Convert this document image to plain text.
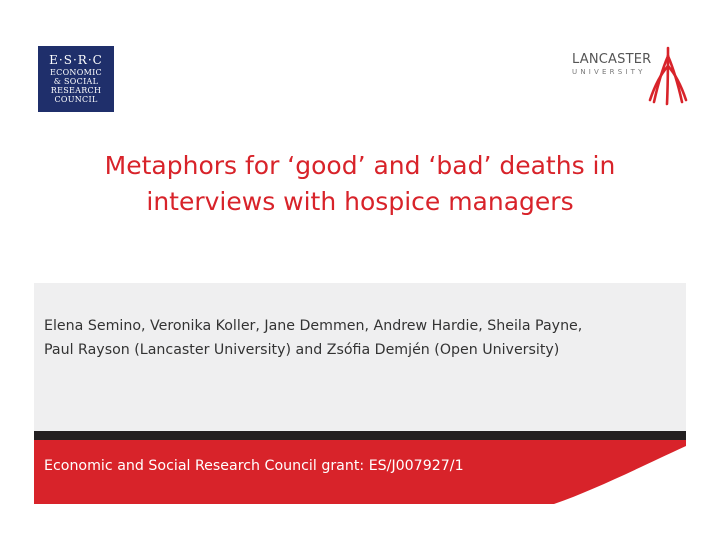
E·S·R·C
ECONOMIC
& SOCIAL
RESEARCH
COUNCIL
LANCASTER
UNIVERSITY
Metaphors for ‘good’ and ‘bad’ deaths in
interviews with hospice managers
Elena Semino, Veronika Koller, Jane Demmen, Andrew Hardie, Sheila Payne,
Paul Rayson (Lancaster University) and Zsófia Demjén (Open University)
Economic and Social Research Council grant: ES/J007927/1
